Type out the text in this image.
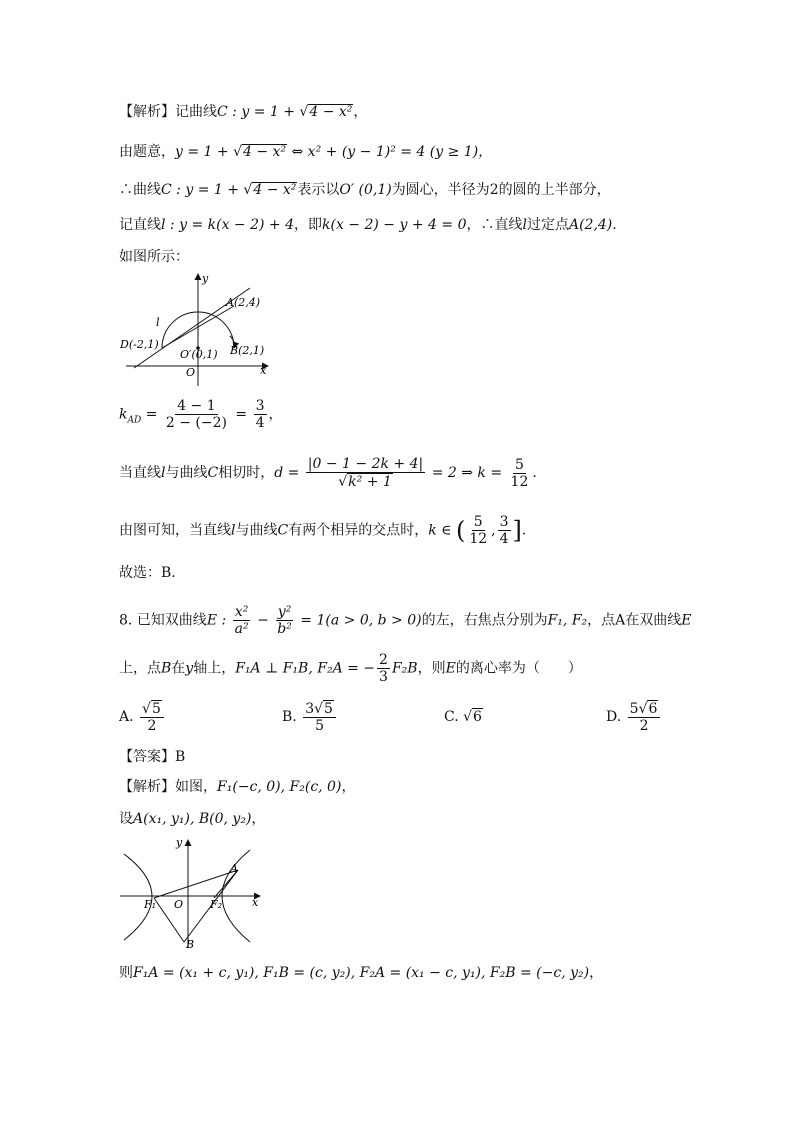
【解析】记曲线C : y = 1 + √4 − x²，
由题意，y = 1 + √4 − x² ⇔ x² + (y − 1)² = 4 (y ≥ 1)，
∴曲线C : y = 1 + √4 − x²表示以O′ (0,1)为圆心，半径为2的圆的上半部分，
记直线l : y = k(x − 2) + 4，即k(x − 2) − y + 4 = 0，∴直线l过定点A(2,4).
如图所示：
y
x
O
l
A(2,4)
D(-2,1)	B(2,1)
O′(0,1)
$k_{AD} = \frac{4 - 1}{2 - (-2)} = \frac{3}{4}$ ，
当直线l与曲线C相切时，$d = \frac{|0 - 1 - 2k + 4|}{\text{√k² + 1}} = 2$ ⇒ $k = \frac{5}{12}$ .
由图可知，当直线l与曲线C有两个相异的交点时，k ∈ ( $\frac{5}{12}$ , $\frac{3}{4}$ ].
故选：B.
8. 已知双曲线E : $\frac{\text{x²}}{\text{a²}} - \frac{\text{y²}}{\text{b²}} = 1(a > 0$, b > 0)的左，右焦点分别为F₁, F₂，点A在双曲线E
上，点B在y轴上，F₁A ⊥ F₁B, F₂A = − $\frac{2}{3} F_2B$，则E的离心率为（　　）
A. $\frac{√5}{2}$	B. $\frac{3√5}{5}$	C. √6	D. $\frac{5√6}{2}$
【答案】B
【解析】如图，F₁(−c, 0), F₂(c, 0)，
设A(x₁, y₁), B(0, y₂)，
y
x
O
A
B
F₁	F₂
则F₁A = (x₁ + c, y₁), F₁B = (c, y₂), F₂A = (x₁ − c, y₁), F₂B = (−c, y₂)，
